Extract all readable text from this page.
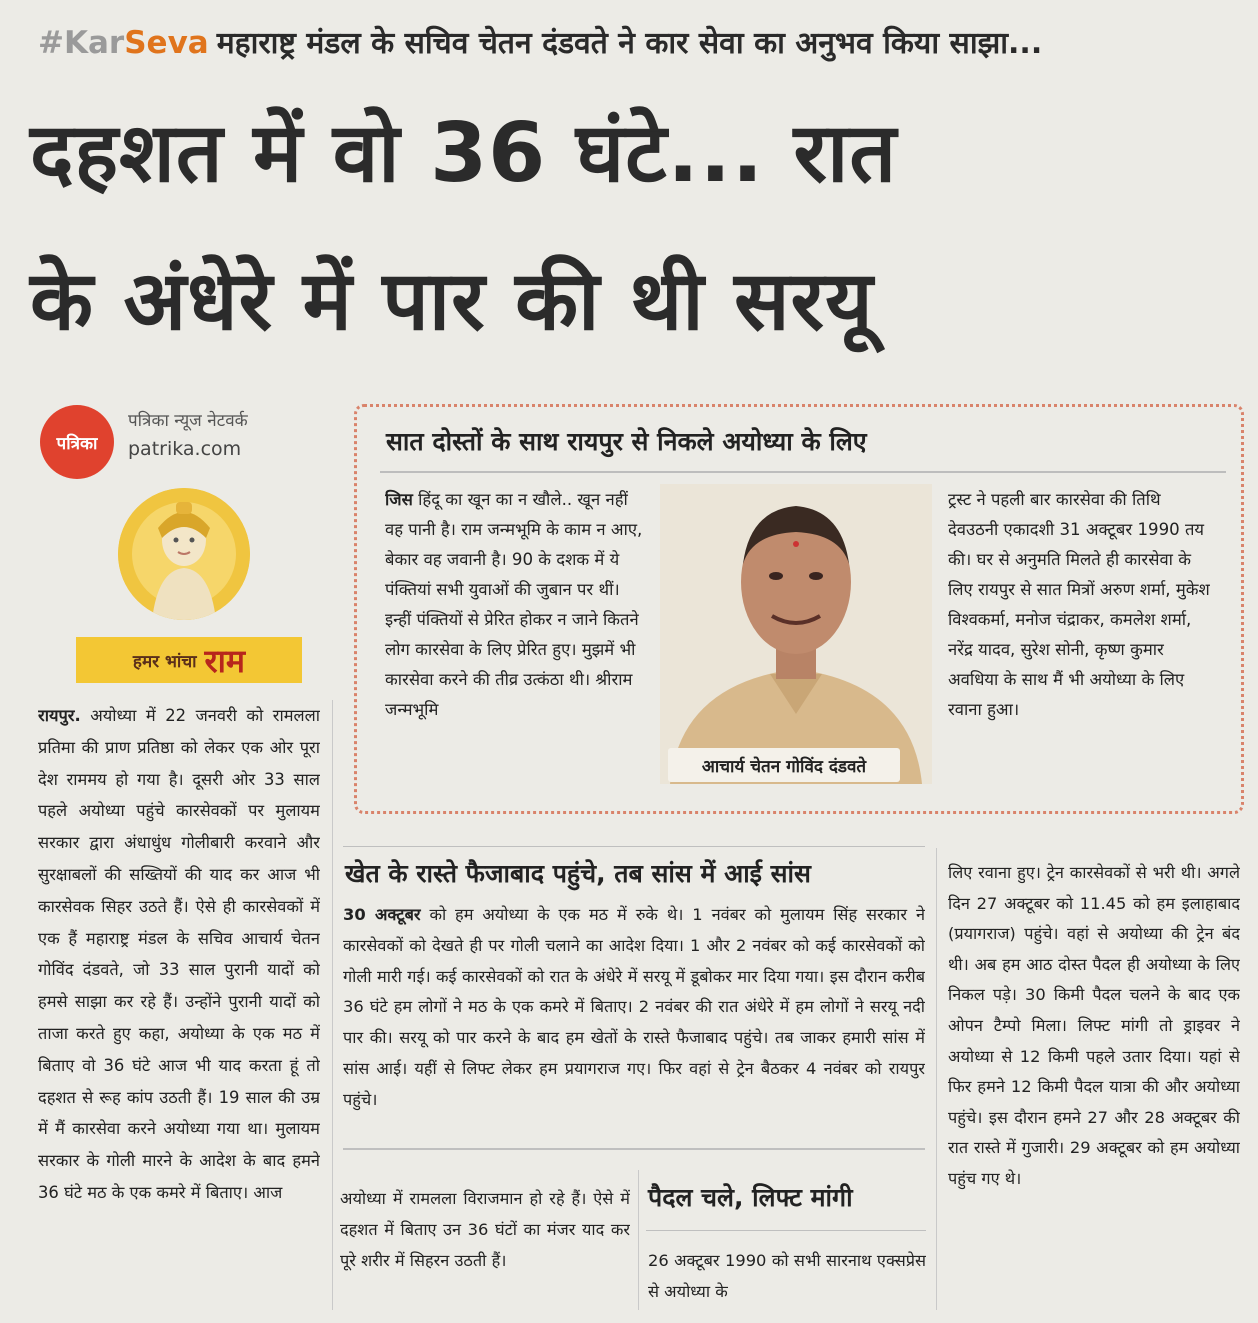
#KarSeva महाराष्ट्र मंडल के सचिव चेतन दंडवते ने कार सेवा का अनुभव किया साझा...
दहशत में वो 36 घंटे... रात
के अंधेरे में पार की थी सरयू
पत्रिका
पत्रिका न्यूज नेटवर्क
patrika.com
हमर भांचा राम
रायपुर. अयोध्या में 22 जनवरी को रामलला प्रतिमा की प्राण प्रतिष्ठा को लेकर एक ओर पूरा देश राममय हो गया है। दूसरी ओर 33 साल पहले अयोध्या पहुंचे कारसेवकों पर मुलायम सरकार द्वारा अंधाधुंध गोलीबारी करवाने और सुरक्षाबलों की सख्तियों की याद कर आज भी कारसेवक सिहर उठते हैं। ऐसे ही कारसेवकों में एक हैं महाराष्ट्र मंडल के सचिव आचार्य चेतन गोविंद दंडवते, जो 33 साल पुरानी यादों को हमसे साझा कर रहे हैं। उन्होंने पुरानी यादों को ताजा करते हुए कहा, अयोध्या के एक मठ में बिताए वो 36 घंटे आज भी याद करता हूं तो दहशत से रूह कांप उठती हैं। 19 साल की उम्र में मैं कारसेवा करने अयोध्या गया था। मुलायम सरकार के गोली मारने के आदेश के बाद हमने 36 घंटे मठ के एक कमरे में बिताए। आज
सात दोस्तों के साथ रायपुर से निकले अयोध्या के लिए
जिस हिंदू का खून का न खौले.. खून नहीं वह पानी है। राम जन्मभूमि के काम न आए, बेकार वह जवानी है। 90 के दशक में ये पंक्तियां सभी युवाओं की जुबान पर थीं। इन्हीं पंक्तियों से प्रेरित होकर न जाने कितने लोग कारसेवा के लिए प्रेरित हुए। मुझमें भी कारसेवा करने की तीव्र उत्कंठा थी। श्रीराम जन्मभूमि
आचार्य चेतन गोविंद दंडवते
ट्रस्ट ने पहली बार कारसेवा की तिथि देवउठनी एकादशी 31 अक्टूबर 1990 तय की। घर से अनुमति मिलते ही कारसेवा के लिए रायपुर से सात मित्रों अरुण शर्मा, मुकेश विश्वकर्मा, मनोज चंद्राकर, कमलेश शर्मा, नरेंद्र यादव, सुरेश सोनी, कृष्ण कुमार अवधिया के साथ मैं भी अयोध्या के लिए रवाना हुआ।
खेत के रास्ते फैजाबाद पहुंचे, तब सांस में आई सांस
30 अक्टूबर को हम अयोध्या के एक मठ में रुके थे। 1 नवंबर को मुलायम सिंह सरकार ने कारसेवकों को देखते ही पर गोली चलाने का आदेश दिया। 1 और 2 नवंबर को कई कारसेवकों को गोली मारी गई। कई कारसेवकों को रात के अंधेरे में सरयू में डूबोकर मार दिया गया। इस दौरान करीब 36 घंटे हम लोगों ने मठ के एक कमरे में बिताए। 2 नवंबर की रात अंधेरे में हम लोगों ने सरयू नदी पार की। सरयू को पार करने के बाद हम खेतों के रास्ते फैजाबाद पहुंचे। तब जाकर हमारी सांस में सांस आई। यहीं से लिफ्ट लेकर हम प्रयागराज गए। फिर वहां से ट्रेन बैठकर 4 नवंबर को रायपुर पहुंचे।
अयोध्या में रामलला विराजमान हो रहे हैं। ऐसे में दहशत में बिताए उन 36 घंटों का मंजर याद कर पूरे शरीर में सिहरन उठती हैं।
पैदल चले, लिफ्ट मांगी
26 अक्टूबर 1990 को सभी सारनाथ एक्सप्रेस से अयोध्या के
लिए रवाना हुए। ट्रेन कारसेवकों से भरी थी। अगले दिन 27 अक्टूबर को 11.45 को हम इलाहाबाद (प्रयागराज) पहुंचे। वहां से अयोध्या की ट्रेन बंद थी। अब हम आठ दोस्त पैदल ही अयोध्या के लिए निकल पड़े। 30 किमी पैदल चलने के बाद एक ओपन टैम्पो मिला। लिफ्ट मांगी तो ड्राइवर ने अयोध्या से 12 किमी पहले उतार दिया। यहां से फिर हमने 12 किमी पैदल यात्रा की और अयोध्या पहुंचे। इस दौरान हमने 27 और 28 अक्टूबर की रात रास्ते में गुजारी। 29 अक्टूबर को हम अयोध्या पहुंच गए थे।
